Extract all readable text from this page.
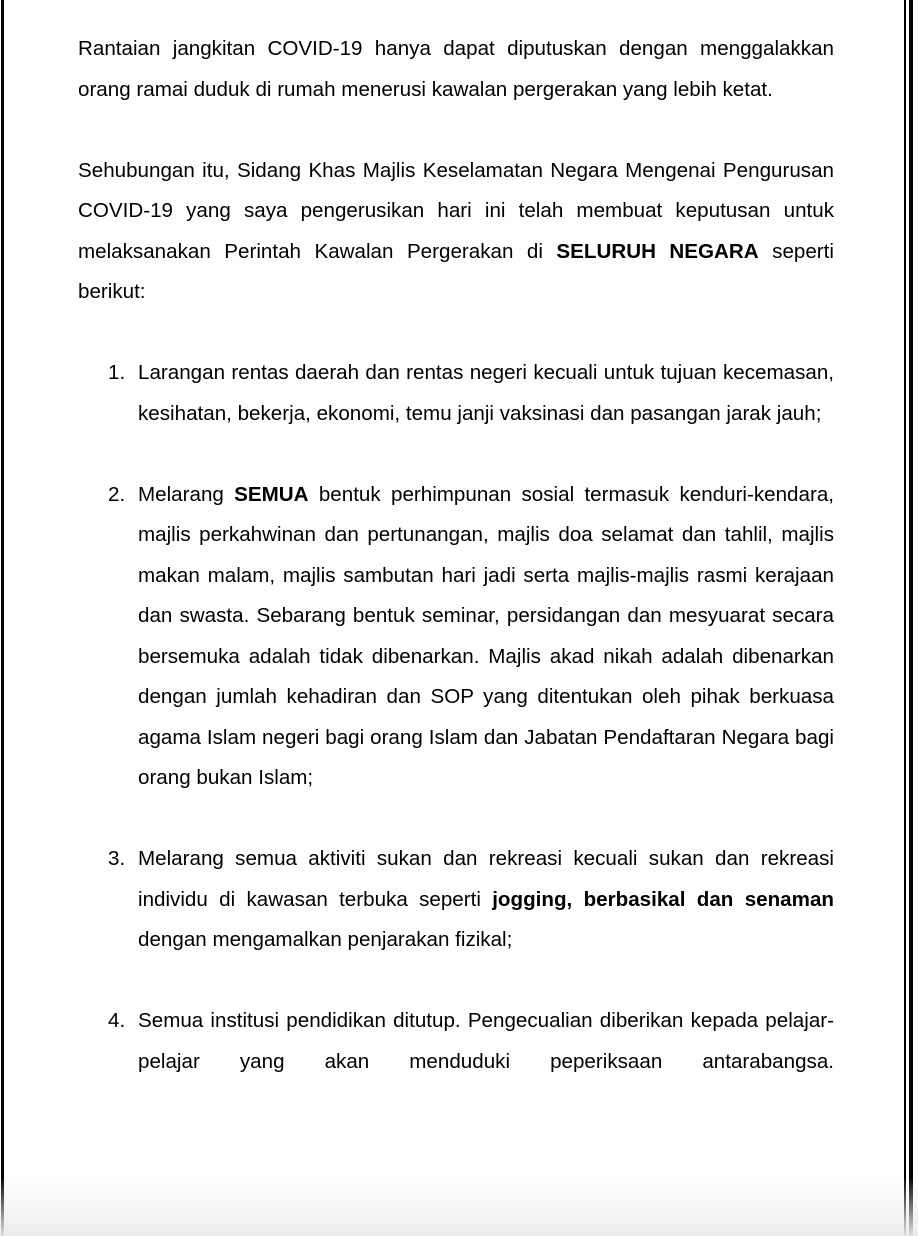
Rantaian jangkitan COVID-19 hanya dapat diputuskan dengan menggalakkan orang ramai duduk di rumah menerusi kawalan pergerakan yang lebih ketat.

Sehubungan itu, Sidang Khas Majlis Keselamatan Negara Mengenai Pengurusan COVID-19 yang saya pengerusikan hari ini telah membuat keputusan untuk melaksanakan Perintah Kawalan Pergerakan di SELURUH NEGARA seperti berikut:

1. Larangan rentas daerah dan rentas negeri kecuali untuk tujuan kecemasan, kesihatan, bekerja, ekonomi, temu janji vaksinasi dan pasangan jarak jauh;
2. Melarang SEMUA bentuk perhimpunan sosial termasuk kenduri-kendara, majlis perkahwinan dan pertunangan, majlis doa selamat dan tahlil, majlis makan malam, majlis sambutan hari jadi serta majlis-majlis rasmi kerajaan dan swasta. Sebarang bentuk seminar, persidangan dan mesyuarat secara bersemuka adalah tidak dibenarkan. Majlis akad nikah adalah dibenarkan dengan jumlah kehadiran dan SOP yang ditentukan oleh pihak berkuasa agama Islam negeri bagi orang Islam dan Jabatan Pendaftaran Negara bagi orang bukan Islam;
3. Melarang semua aktiviti sukan dan rekreasi kecuali sukan dan rekreasi individu di kawasan terbuka seperti jogging, berbasikal dan senaman dengan mengamalkan penjarakan fizikal;
4. Semua institusi pendidikan ditutup. Pengecualian diberikan kepada pelajar-pelajar yang akan menduduki peperiksaan antarabangsa.
